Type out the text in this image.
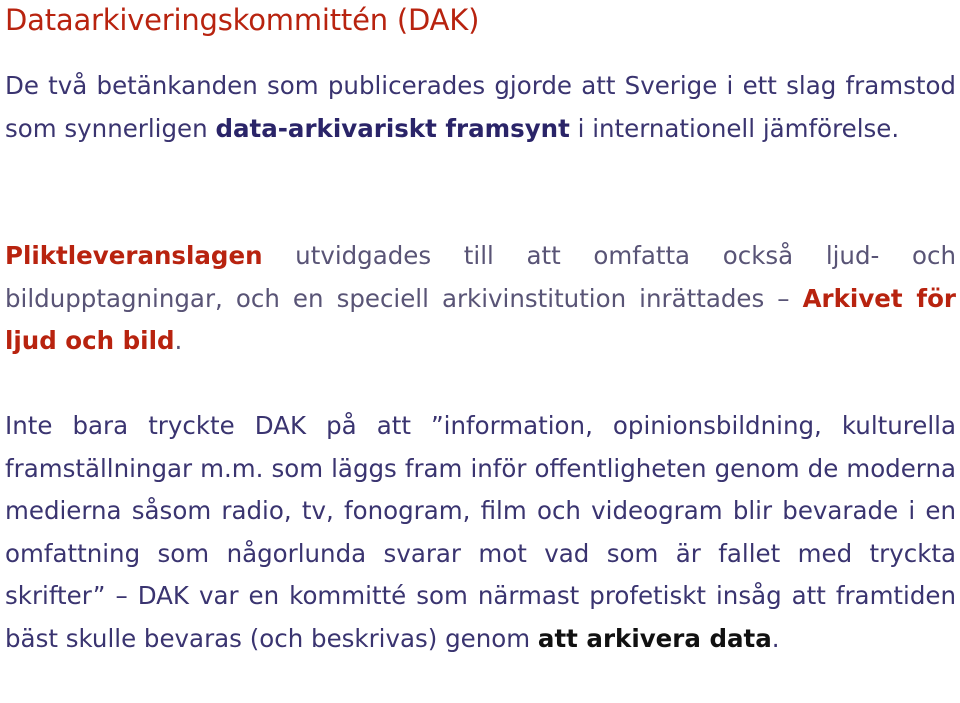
Dataarkiveringskommittén (DAK)

De två betänkanden som publicerades gjorde att Sverige i ett slag framstod som synnerligen data-arkivariskt framsynt i internationell jämförelse.

Pliktleveranslagen utvidgades till att omfatta också ljud- och bildupptagningar, och en speciell arkivinstitution inrättades – Arkivet för ljud och bild.

Inte bara tryckte DAK på att ”information, opinionsbildning, kulturella framställningar m.m. som läggs fram inför offentligheten genom de moderna medierna såsom radio, tv, fonogram, film och videogram blir bevarade i en omfattning som någorlunda svarar mot vad som är fallet med tryckta skrifter” – DAK var en kommitté som närmast profetiskt insåg att framtiden bäst skulle bevaras (och beskrivas) genom att arkivera data.
